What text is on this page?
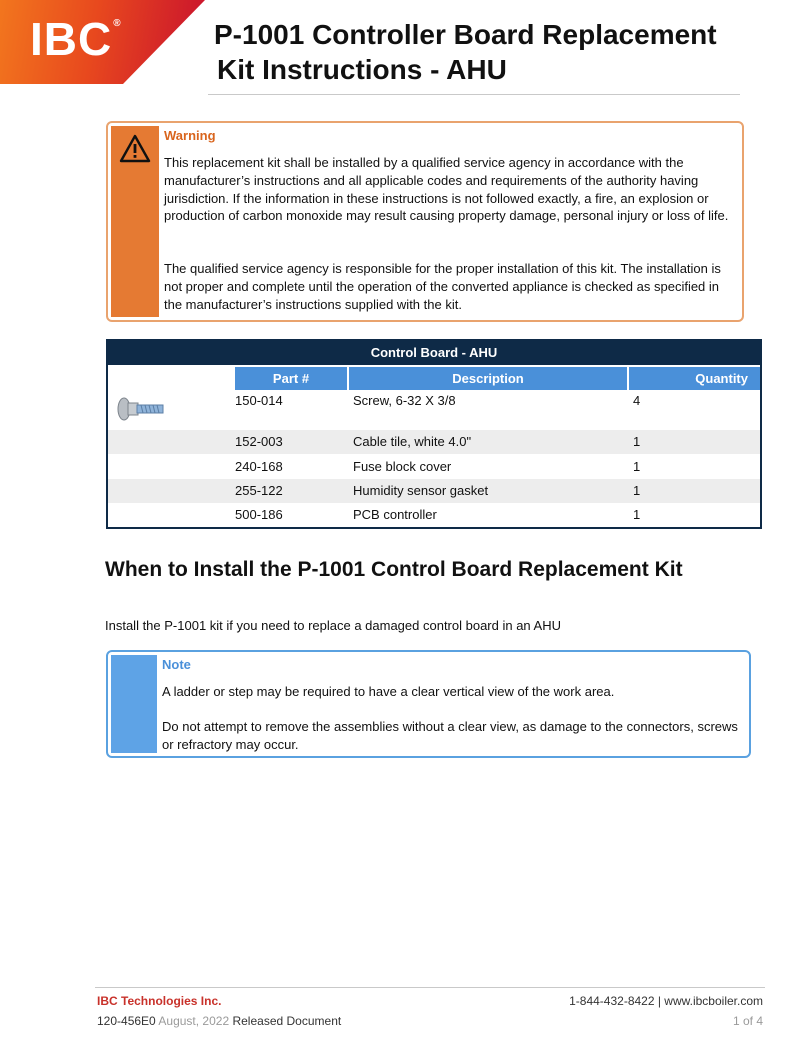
IBC®	P-1001 Controller Board Replacement
Kit Instructions - AHU
Warning

This replacement kit shall be installed by a qualified service agency in accordance with the manufacturer’s instructions and all applicable codes and requirements of the authority having jurisdiction. If the information in these instructions is not followed exactly, a fire, an explosion or production of carbon monoxide may result causing property damage, personal injury or loss of life.

The qualified service agency is responsible for the proper installation of this kit. The installation is not proper and complete until the operation of the converted appliance is checked as specified in the manufacturer’s instructions supplied with the kit.

Control Board - AHU
Part #	Description	Quantity
150-014	Screw, 6-32 X 3/8	4
152-003	Cable tile, white 4.0"	1
240-168	Fuse block cover	1
255-122	Humidity sensor gasket	1
500-186	PCB controller	1
When to Install the P-1001 Control Board Replacement Kit
Install the P-1001 kit if you need to replace a damaged control board in an AHU
Note

A ladder or step may be required to have a clear vertical view of the work area.

Do not attempt to remove the assemblies without a clear view, as damage to the connectors, screws or refractory may occur.

IBC Technologies Inc.	1-844-432-8422 | www.ibcboiler.com
120-456E0 August, 2022 Released Document	1 of 4
